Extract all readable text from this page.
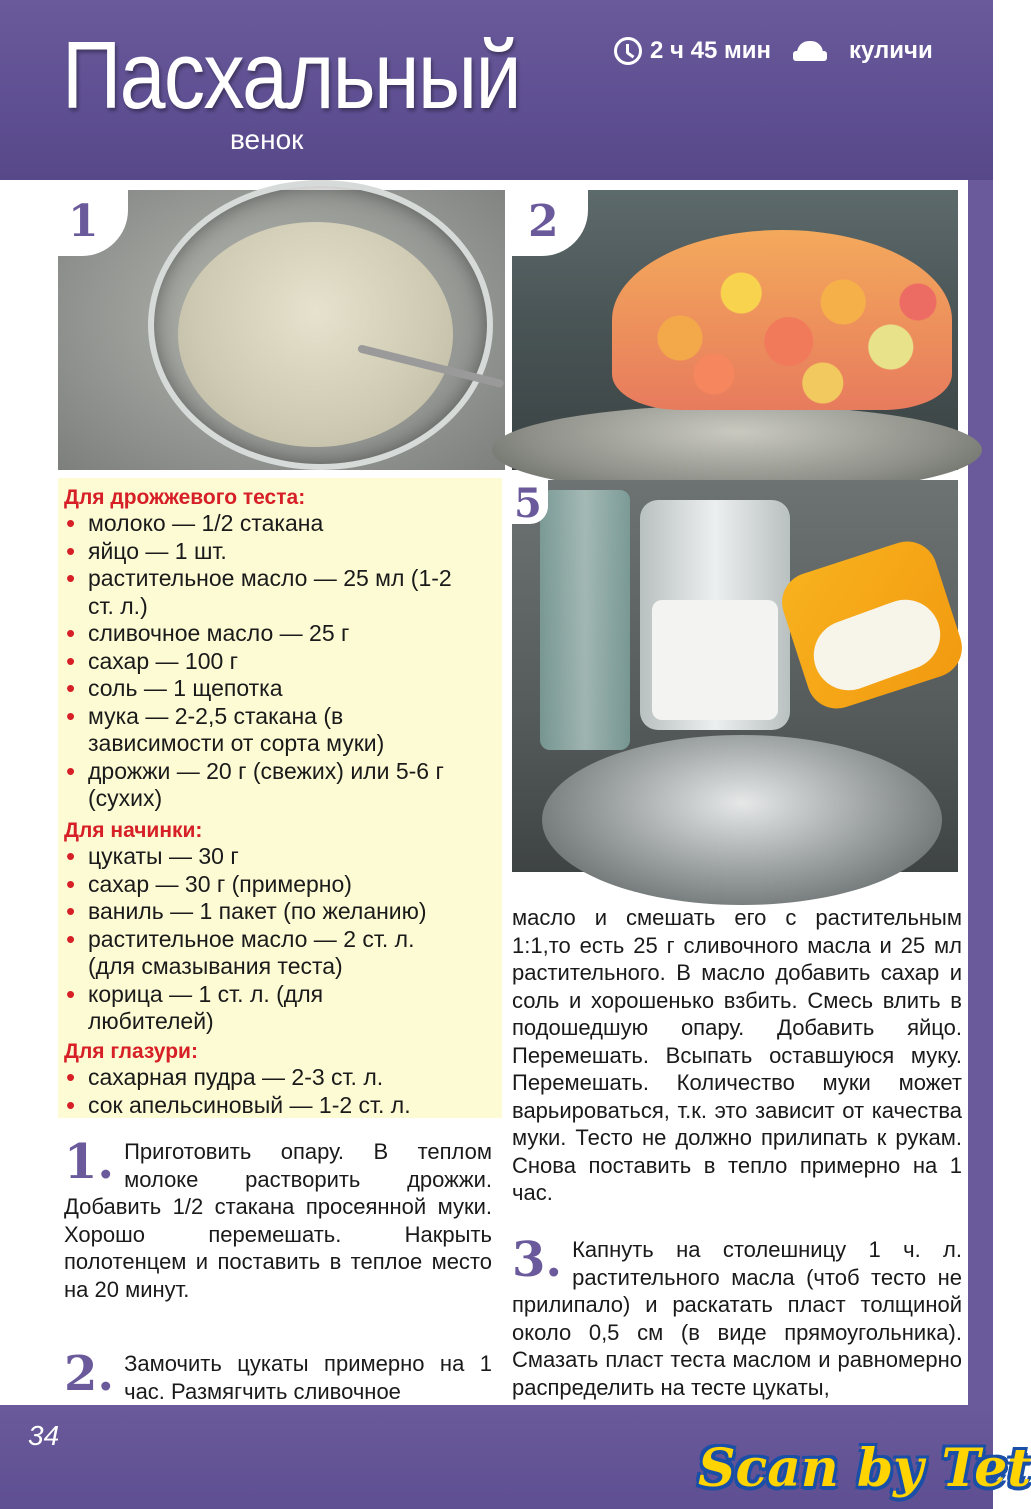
Пасхальный
венок
2 ч 45 мин	куличи
1	2
5
Для дрожжевого теста:
• молоко — 1/2 стакана
• яйцо — 1 шт.
• растительное масло — 25 мл (1-2 ст. л.)
• сливочное масло — 25 г
• сахар — 100 г
• соль — 1 щепотка
• мука — 2-2,5 стакана (в зависимости от сорта муки)
• дрожжи — 20 г (свежих) или 5-6 г (сухих)
Для начинки:
• цукаты — 30 г
• сахар — 30 г (примерно)
• ваниль — 1 пакет (по желанию)
• растительное масло — 2 ст. л. (для смазывания теста)
• корица — 1 ст. л. (для любителей)
Для глазури:
• сахарная пудра — 2-3 ст. л.
• сок апельсиновый — 1-2 ст. л.
1. Приготовить опару. В теплом молоке растворить дрожжи. Добавить 1/2 стакана просеянной муки. Хорошо перемешать. Накрыть полотенцем и поставить в теплое место на 20 минут.
2. Замочить цукаты примерно на 1 час. Размягчить сливочное
масло и смешать его с растительным 1:1,то есть 25 г сливочного масла и 25 мл растительного. В масло добавить сахар и соль и хорошенько взбить. Смесь влить в подошедшую опару. Добавить яйцо. Перемешать. Всыпать оставшуюся муку. Перемешать. Количество муки может варьироваться, т.к. это зависит от качества муки. Тесто не должно прилипать к рукам. Снова поставить в тепло примерно на 1 час.
3. Капнуть на столешницу 1 ч. л. растительного масла (чтоб тесто не прилипало) и раскатать пласт толщиной около 0,5 см (в виде прямоугольника). Смазать пласт теста маслом и равномерно распределить на тесте цукаты,
34
Scan by Tet
